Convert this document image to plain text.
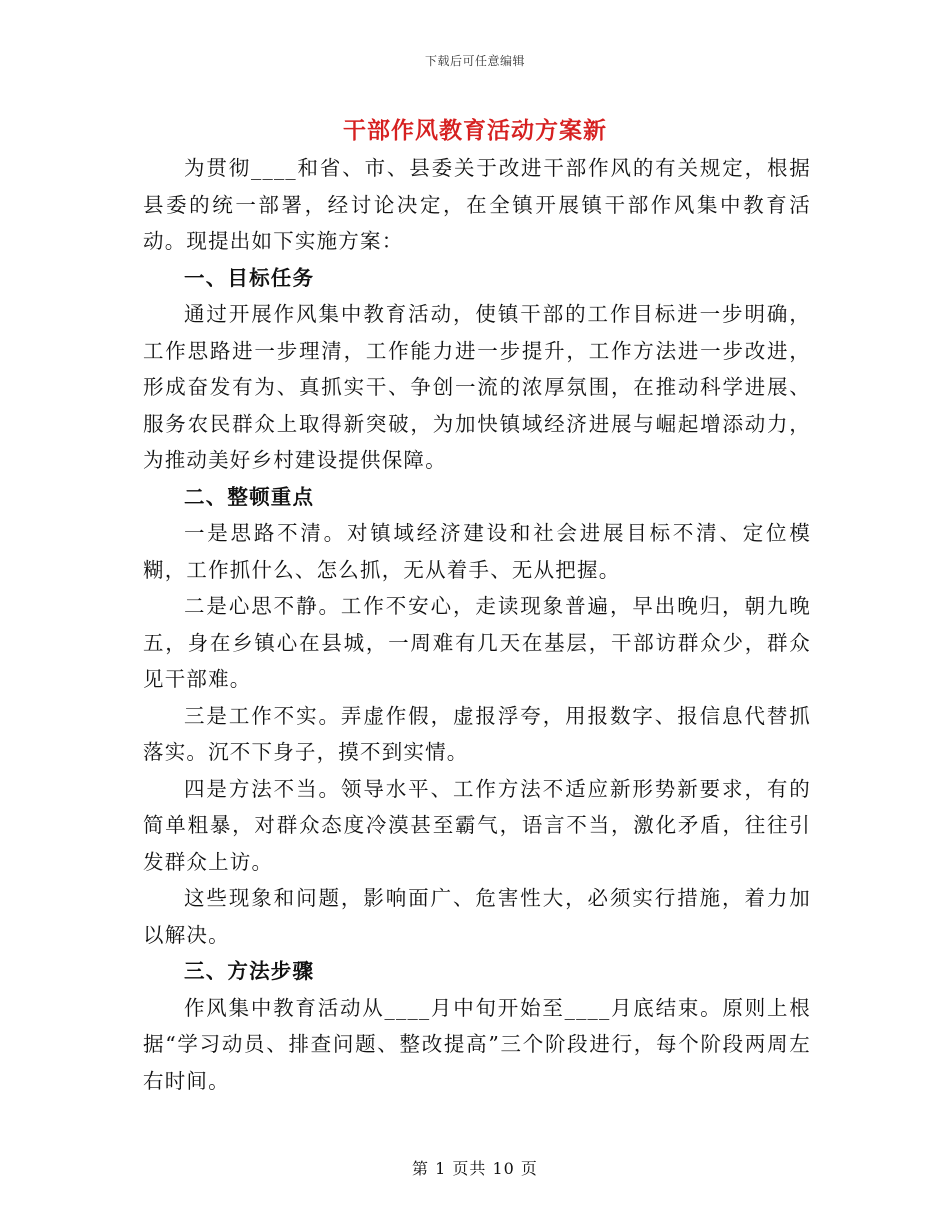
下载后可任意编辑
干部作风教育活动方案新

为贯彻____和省、市、县委关于改进干部作风的有关规定，根据县委的统一部署，经讨论决定，在全镇开展镇干部作风集中教育活动。现提出如下实施方案：

一、目标任务

通过开展作风集中教育活动，使镇干部的工作目标进一步明确，工作思路进一步理清，工作能力进一步提升，工作方法进一步改进，形成奋发有为、真抓实干、争创一流的浓厚氛围，在推动科学进展、服务农民群众上取得新突破，为加快镇域经济进展与崛起增添动力，为推动美好乡村建设提供保障。

二、整顿重点

一是思路不清。对镇域经济建设和社会进展目标不清、定位模糊，工作抓什么、怎么抓，无从着手、无从把握。

二是心思不静。工作不安心，走读现象普遍，早出晚归，朝九晚五，身在乡镇心在县城，一周难有几天在基层，干部访群众少，群众见干部难。

三是工作不实。弄虚作假，虚报浮夸，用报数字、报信息代替抓落实。沉不下身子，摸不到实情。

四是方法不当。领导水平、工作方法不适应新形势新要求，有的简单粗暴，对群众态度冷漠甚至霸气，语言不当，激化矛盾，往往引发群众上访。

这些现象和问题，影响面广、危害性大，必须实行措施，着力加以解决。

三、方法步骤

作风集中教育活动从____月中旬开始至____月底结束。原则上根据“学习动员、排查问题、整改提高”三个阶段进行，每个阶段两周左右时间。

第 1 页共 10 页
